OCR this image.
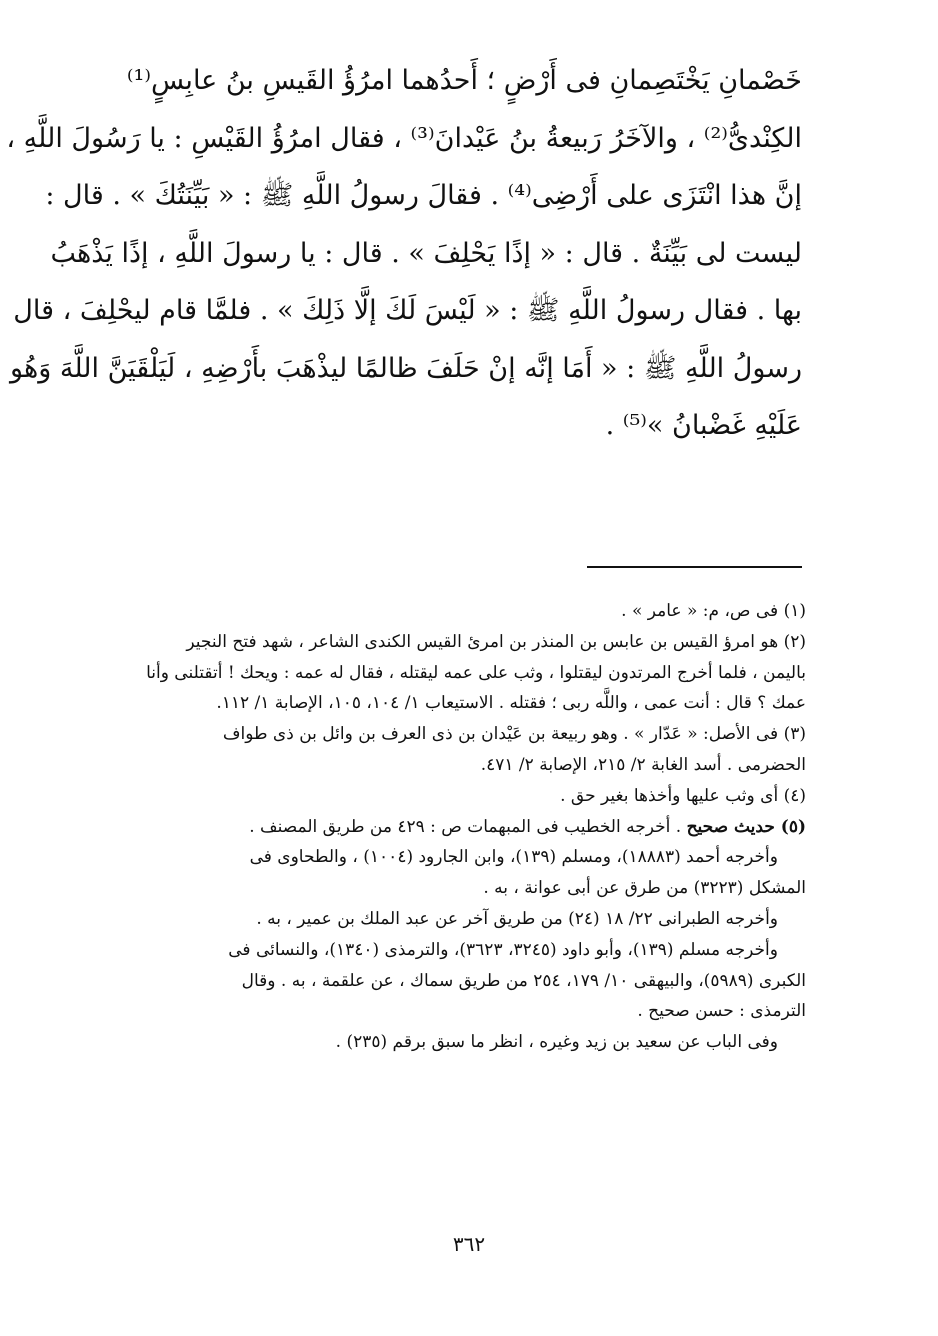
خَصْمانِ يَخْتَصِمانِ فى أَرْضٍ ؛ أَحدُهما امرُؤُ القَيسِ بنُ عابِسٍ⁽¹⁾
الكِنْدىُّ⁽²⁾ ، والآخَرُ رَبيعةُ بنُ عَيْدانَ⁽³⁾ ، فقال امرُؤُ القَيْسِ : يا رَسُولَ اللَّهِ ،
إنَّ هذا انْتَزَى على أَرْضِى⁽⁴⁾ . فقالَ رسولُ اللَّهِ ﷺ : « بَيِّنَتُكَ » . قال :
ليست لى بَيِّنَةٌ . قال : « إذًا يَحْلِفَ » . قال : يا رسولَ اللَّهِ ، إذًا يَذْهَبُ
بها . فقال رسولُ اللَّهِ ﷺ : « لَيْسَ لَكَ إلَّا ذَلِكَ » . فلمَّا قام ليحْلِفَ ، قال
رسولُ اللَّهِ ﷺ : « أَمَا إنَّه إنْ حَلَفَ ظالمًا ليذْهَبَ بأَرْضِهِ ، لَيَلْقَيَنَّ اللَّهَ وَهُو
عَلَيْهِ غَضْبانُ »⁽⁵⁾ .
(١) فى ص، م: « عامر » .
(٢) هو امرؤ القيس بن عابس بن المنذر بن امرئ القيس الكندى الشاعر ، شهد فتح النجير
باليمن ، فلما أخرج المرتدون ليقتلوا ، وثب على عمه ليقتله ، فقال له عمه : ويحك ! أتقتلنى وأنا
عمك ؟ قال : أنت عمى ، واللَّه ربى ؛ فقتله . الاستيعاب ١/ ١٠٤، ١٠٥، الإصابة ١/ ١١٢.
(٣) فى الأصل: « عَدّار » . وهو ربيعة بن عَيْدان بن ذى العرف بن وائل بن ذى طواف
الحضرمى . أسد الغابة ٢/ ٢١٥، الإصابة ٢/ ٤٧١.
(٤) أى وثب عليها وأخذها بغير حق .
(٥) حديث صحيح . أخرجه الخطيب فى المبهمات ص : ٤٢٩ من طريق المصنف .
وأخرجه أحمد (١٨٨٨٣)، ومسلم (١٣٩)، وابن الجارود (١٠٠٤) ، والطحاوى فى
المشكل (٣٢٢٣) من طرق عن أبى عوانة ، به .
وأخرجه الطبرانى ٢٢/ ١٨ (٢٤) من طريق آخر عن عبد الملك بن عمير ، به .
وأخرجه مسلم (١٣٩)، وأبو داود (٣٢٤٥، ٣٦٢٣)، والترمذى (١٣٤٠)، والنسائى فى
الكبرى (٥٩٨٩)، والبيهقى ١٠/ ١٧٩، ٢٥٤ من طريق سماك ، عن علقمة ، به . وقال
الترمذى : حسن صحيح .
وفى الباب عن سعيد بن زيد وغيره ، انظر ما سبق برقم (٢٣٥) .
٣٦٢
